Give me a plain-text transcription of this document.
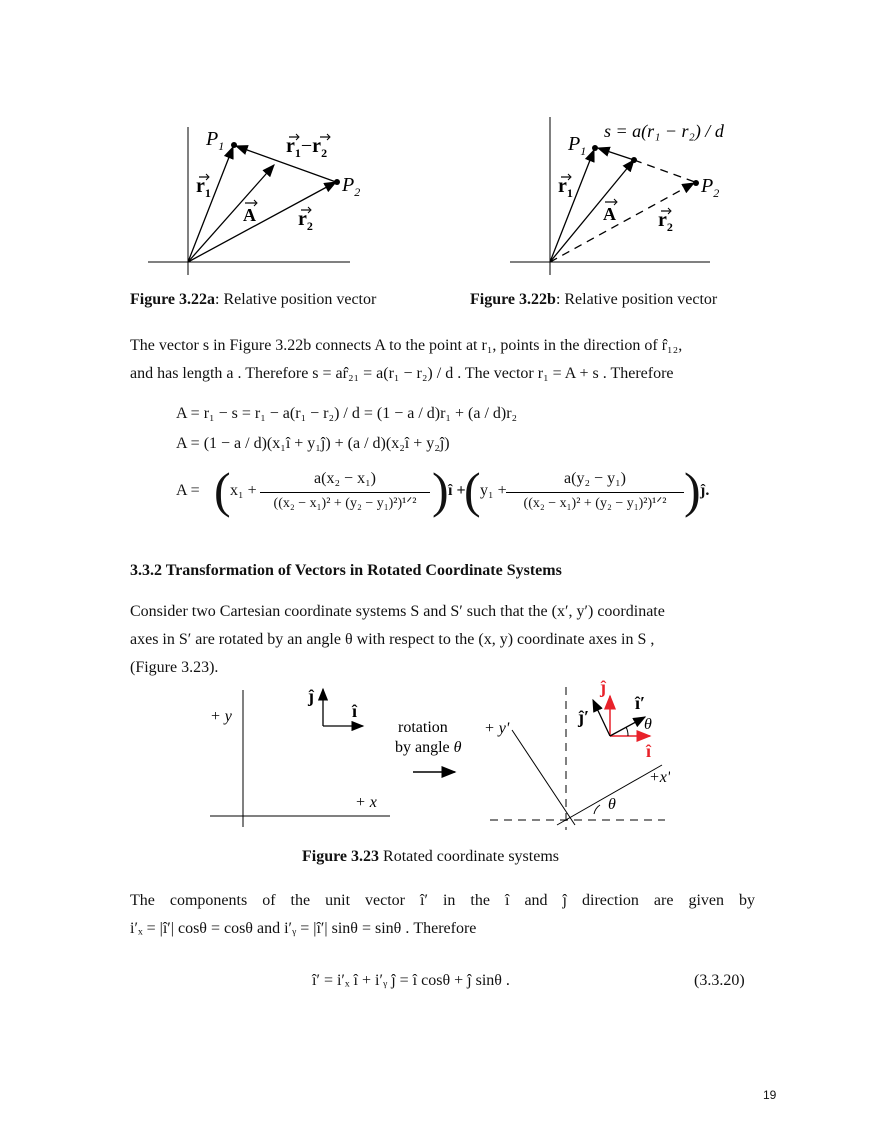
$P_1$
$P_2$
$r_1$
$r_2$
A
$r_1-r_2$
Figure 3.22a: Relative position vector
s = a(r₁ − r₂) / d
$P_1$
$P_2$
$r_1$
$r_2$
A
Figure 3.22b: Relative position vector
The vector s in Figure 3.22b connects A to the point at r₁, points in the direction of r̂₁₂,
and has length a . Therefore s = ar̂₂₁ = a(r₁ − r₂) / d . The vector r₁ = A + s . Therefore
A = r₁ − s = r₁ − a(r₁ − r₂) / d = (1 − a / d)r₁ + (a / d)r₂
A = (1 − a / d)(x₁î + y₁ĵ) + (a / d)(x₂î + y₂ĵ)
A = ( x₁ +
a(x₂ − x₁)
((x₂ − x₁)² + (y₂ − y₁)²)¹ᐟ² ) î +
( y₁ +
a(y₂ − y₁)
((x₂ − x₁)² + (y₂ − y₁)²)¹ᐟ² ) ĵ.
3.3.2 Transformation of Vectors in Rotated Coordinate Systems
Consider two Cartesian coordinate systems S and S′ such that the (x′, y′) coordinate
axes in S′ are rotated by an angle θ with respect to the (x, y) coordinate axes in S ,
(Figure 3.23).
+ y
+ x
ĵ
î
rotation
by angle θ
+ y'
+x'
θ
θ
ĵ
î
ĵ′
î′
Figure 3.23 Rotated coordinate systems
The components of the unit vector î′ in the î and ĵ direction are given by
i′ₓ = |î′| cosθ = cosθ and i′ᵧ = |î′| sinθ = sinθ . Therefore
î′ = i′ₓ î + i′ᵧ ĵ = î cosθ + ĵ sinθ .	(3.3.20)
19
